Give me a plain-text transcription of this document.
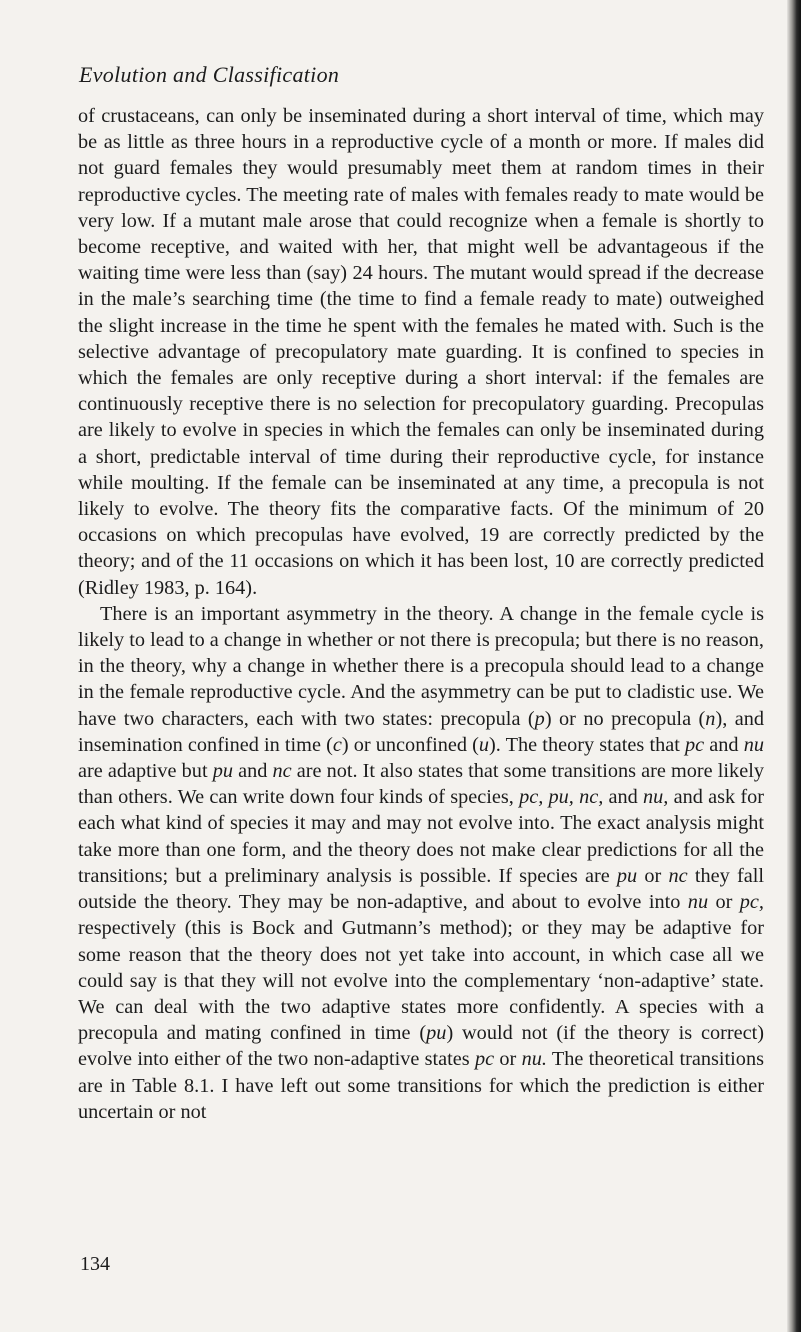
Evolution and Classification

of crustaceans, can only be inseminated during a short interval of time, which may be as little as three hours in a reproductive cycle of a month or more. If males did not guard females they would presumably meet them at random times in their reproductive cycles. The meeting rate of males with females ready to mate would be very low. If a mutant male arose that could recognize when a female is shortly to become receptive, and waited with her, that might well be advantageous if the waiting time were less than (say) 24 hours. The mutant would spread if the decrease in the male’s searching time (the time to find a female ready to mate) outweighed the slight increase in the time he spent with the females he mated with. Such is the selective advantage of precopulatory mate guarding. It is confined to species in which the females are only receptive during a short interval: if the females are continuously receptive there is no selection for precopulatory guarding. Precopulas are likely to evolve in species in which the females can only be inseminated during a short, predictable interval of time during their reproductive cycle, for instance while moulting. If the female can be inseminated at any time, a precopula is not likely to evolve. The theory fits the comparative facts. Of the minimum of 20 occasions on which precopulas have evolved, 19 are correctly predicted by the theory; and of the 11 occasions on which it has been lost, 10 are correctly predicted (Ridley 1983, p. 164).

There is an important asymmetry in the theory. A change in the female cycle is likely to lead to a change in whether or not there is precopula; but there is no reason, in the theory, why a change in whether there is a precopula should lead to a change in the female reproductive cycle. And the asymmetry can be put to cladistic use. We have two characters, each with two states: precopula (p) or no precopula (n), and insemination confined in time (c) or unconfined (u). The theory states that pc and nu are adaptive but pu and nc are not. It also states that some transitions are more likely than others. We can write down four kinds of species, pc, pu, nc, and nu, and ask for each what kind of species it may and may not evolve into. The exact analysis might take more than one form, and the theory does not make clear predictions for all the transitions; but a preliminary analysis is possible. If species are pu or nc they fall outside the theory. They may be non-adaptive, and about to evolve into nu or pc, respectively (this is Bock and Gutmann’s method); or they may be adaptive for some reason that the theory does not yet take into account, in which case all we could say is that they will not evolve into the complementary ‘non-adaptive’ state. We can deal with the two adaptive states more confidently. A species with a precopula and mating confined in time (pu) would not (if the theory is correct) evolve into either of the two non-adaptive states pc or nu. The theoretical transitions are in Table 8.1. I have left out some transitions for which the prediction is either uncertain or not

134
